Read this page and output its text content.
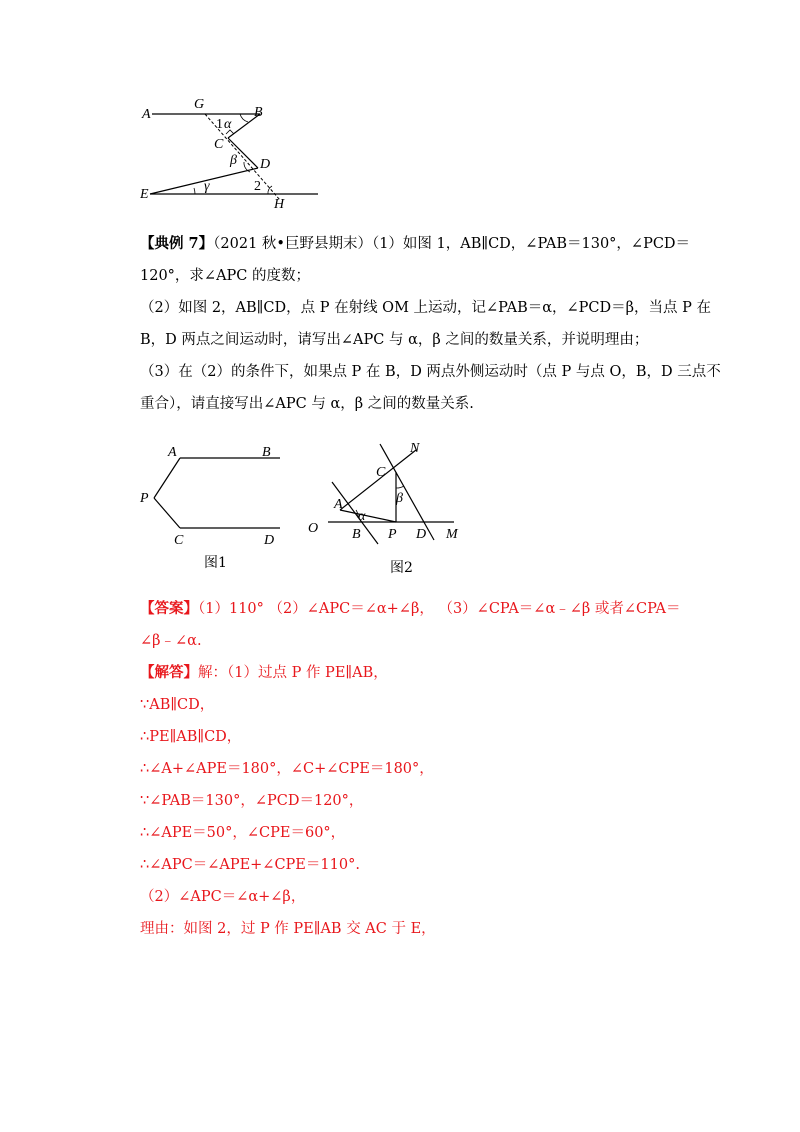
A
G
B
1 α
C
β D
E
γ	2
H
【典例 7】（2021 秋•巨野县期末）（1）如图 1，AB∥CD，∠PAB＝130°，∠PCD＝
120°，求∠APC 的度数；
（2）如图 2，AB∥CD，点 P 在射线 OM 上运动，记∠PAB＝α，∠PCD＝β，当点 P 在
B，D 两点之间运动时，请写出∠APC 与 α，β 之间的数量关系，并说明理由；
（3）在（2）的条件下，如果点 P 在 B，D 两点外侧运动时（点 P 与点 O，B，D 三点不
重合），请直接写出∠APC 与 α，β 之间的数量关系.
A	B
P
C	D
图1
N
C
β
A
α
O B P D M
图2
【答案】（1）110° （2）∠APC＝∠α+∠β， （3）∠CPA＝∠α﹣∠β 或者∠CPA＝
∠β﹣∠α.
【解答】解：（1）过点 P 作 PE∥AB，
∵AB∥CD，
∴PE∥AB∥CD，
∴∠A+∠APE＝180°，∠C+∠CPE＝180°，
∵∠PAB＝130°，∠PCD＝120°，
∴∠APE＝50°，∠CPE＝60°，
∴∠APC＝∠APE+∠CPE＝110°.
（2）∠APC＝∠α+∠β，
理由：如图 2，过 P 作 PE∥AB 交 AC 于 E，
